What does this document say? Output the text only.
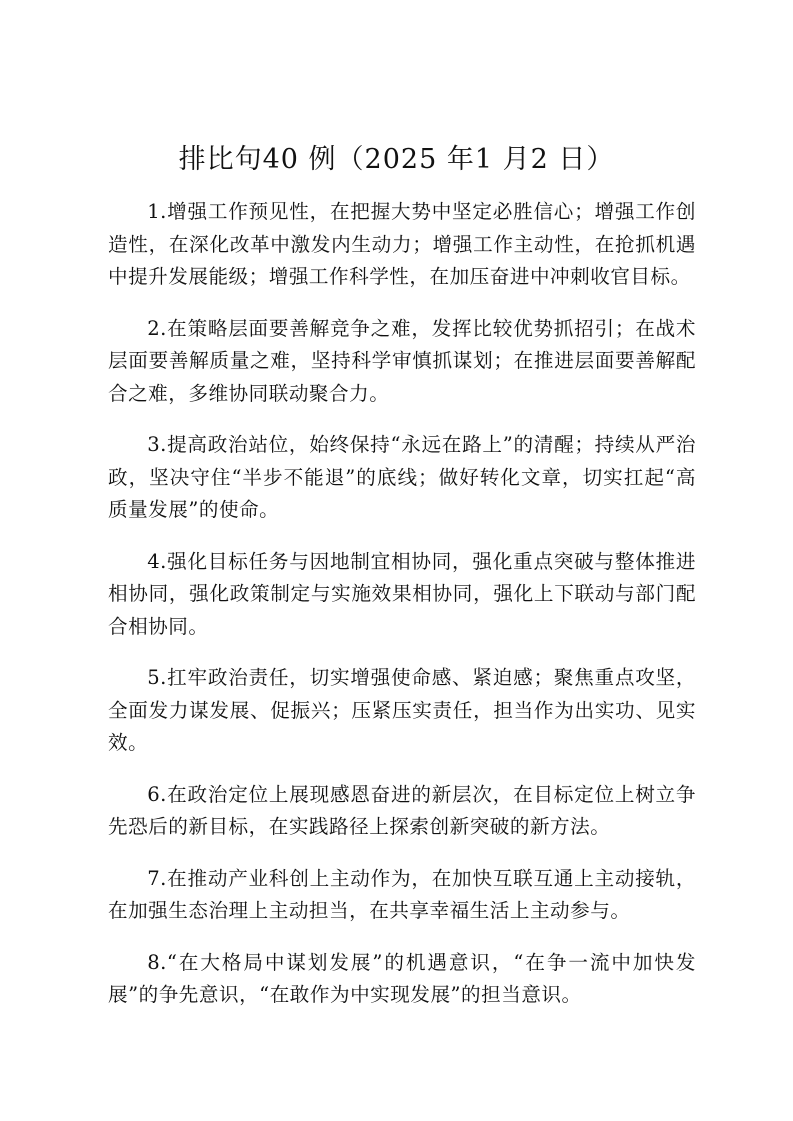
排比句40 例（2025 年1 月2 日）

1.增强工作预见性，在把握大势中坚定必胜信心；增强工作创造性，在深化改革中激发内生动力；增强工作主动性，在抢抓机遇中提升发展能级；增强工作科学性，在加压奋进中冲刺收官目标。

2.在策略层面要善解竞争之难，发挥比较优势抓招引；在战术层面要善解质量之难，坚持科学审慎抓谋划；在推进层面要善解配合之难，多维协同联动聚合力。

3.提高政治站位，始终保持“永远在路上”的清醒；持续从严治政，坚决守住“半步不能退”的底线；做好转化文章，切实扛起“高质量发展”的使命。

4.强化目标任务与因地制宜相协同，强化重点突破与整体推进相协同，强化政策制定与实施效果相协同，强化上下联动与部门配合相协同。

5.扛牢政治责任，切实增强使命感、紧迫感；聚焦重点攻坚，全面发力谋发展、促振兴；压紧压实责任，担当作为出实功、见实效。

6.在政治定位上展现感恩奋进的新层次，在目标定位上树立争先恐后的新目标，在实践路径上探索创新突破的新方法。

7.在推动产业科创上主动作为，在加快互联互通上主动接轨，在加强生态治理上主动担当，在共享幸福生活上主动参与。

8.“在大格局中谋划发展”的机遇意识，“在争一流中加快发展”的争先意识，“在敢作为中实现发展”的担当意识。
